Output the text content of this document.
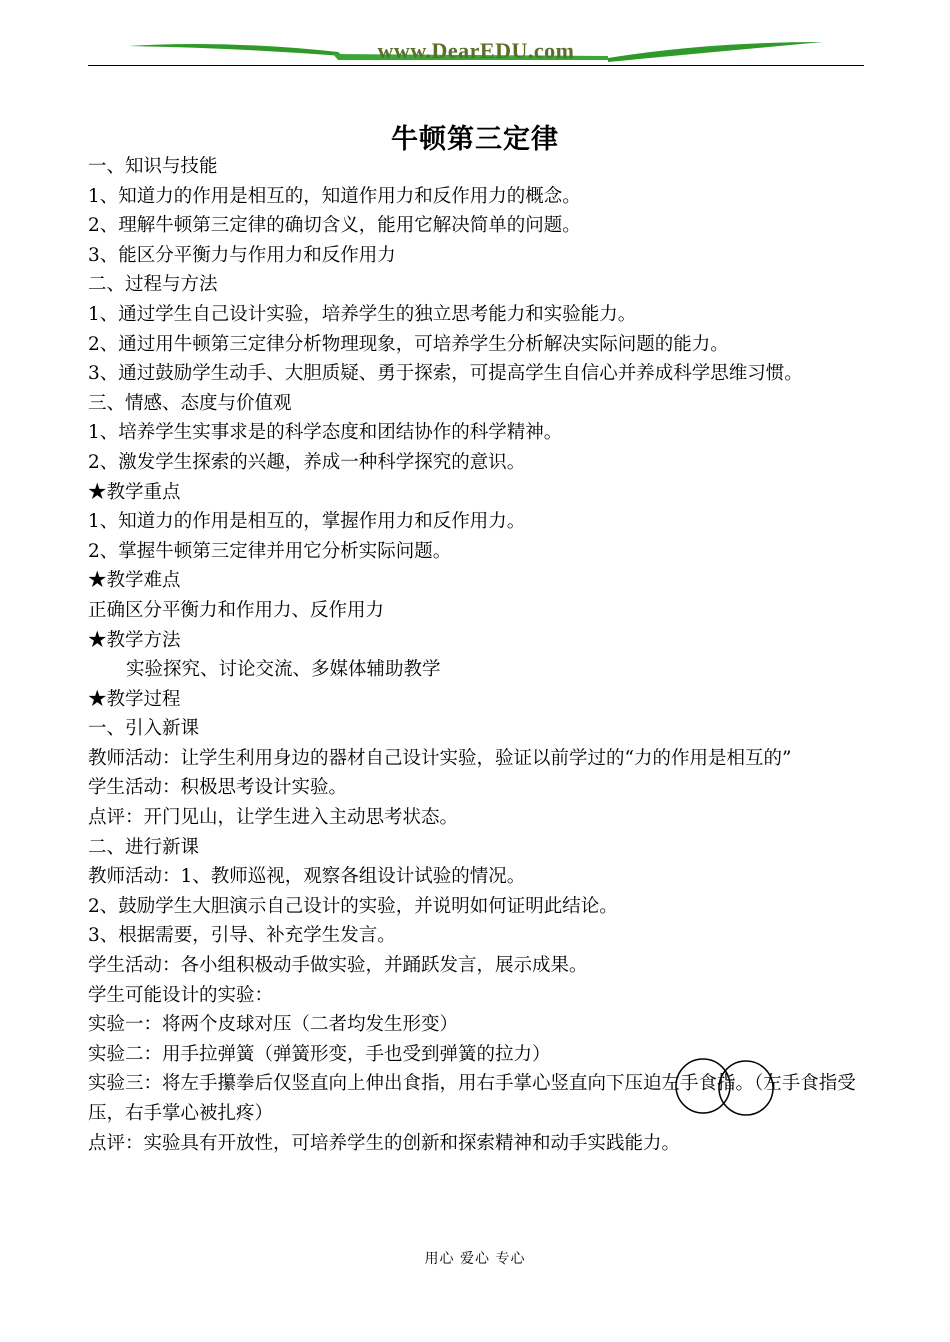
www.DearEDU.com
牛顿第三定律
一、知识与技能
1、知道力的作用是相互的，知道作用力和反作用力的概念。
2、理解牛顿第三定律的确切含义，能用它解决简单的问题。
3、能区分平衡力与作用力和反作用力
二、过程与方法
1、通过学生自己设计实验，培养学生的独立思考能力和实验能力。
2、通过用牛顿第三定律分析物理现象，可培养学生分析解决实际问题的能力。
3、通过鼓励学生动手、大胆质疑、勇于探索，可提高学生自信心并养成科学思维习惯。
三、情感、态度与价值观
1、培养学生实事求是的科学态度和团结协作的科学精神。
2、激发学生探索的兴趣，养成一种科学探究的意识。
★教学重点
1、知道力的作用是相互的，掌握作用力和反作用力。
2、掌握牛顿第三定律并用它分析实际问题。
★教学难点
正确区分平衡力和作用力、反作用力
★教学方法
实验探究、讨论交流、多媒体辅助教学
★教学过程
一、引入新课
教师活动：让学生利用身边的器材自己设计实验，验证以前学过的“力的作用是相互的”
学生活动：积极思考设计实验。
点评：开门见山，让学生进入主动思考状态。
二、进行新课
教师活动：1、教师巡视，观察各组设计试验的情况。
2、鼓励学生大胆演示自己设计的实验，并说明如何证明此结论。
3、根据需要，引导、补充学生发言。
学生活动：各小组积极动手做实验，并踊跃发言，展示成果。
学生可能设计的实验：
实验一：将两个皮球对压（二者均发生形变）
实验二：用手拉弹簧（弹簧形变，手也受到弹簧的拉力）
实验三：将左手攥拳后仅竖直向上伸出食指，用右手掌心竖直向下压迫左手食指。（左手食指受压，右手掌心被扎疼）
点评：实验具有开放性，可培养学生的创新和探索精神和动手实践能力。
用心 爱心 专心
